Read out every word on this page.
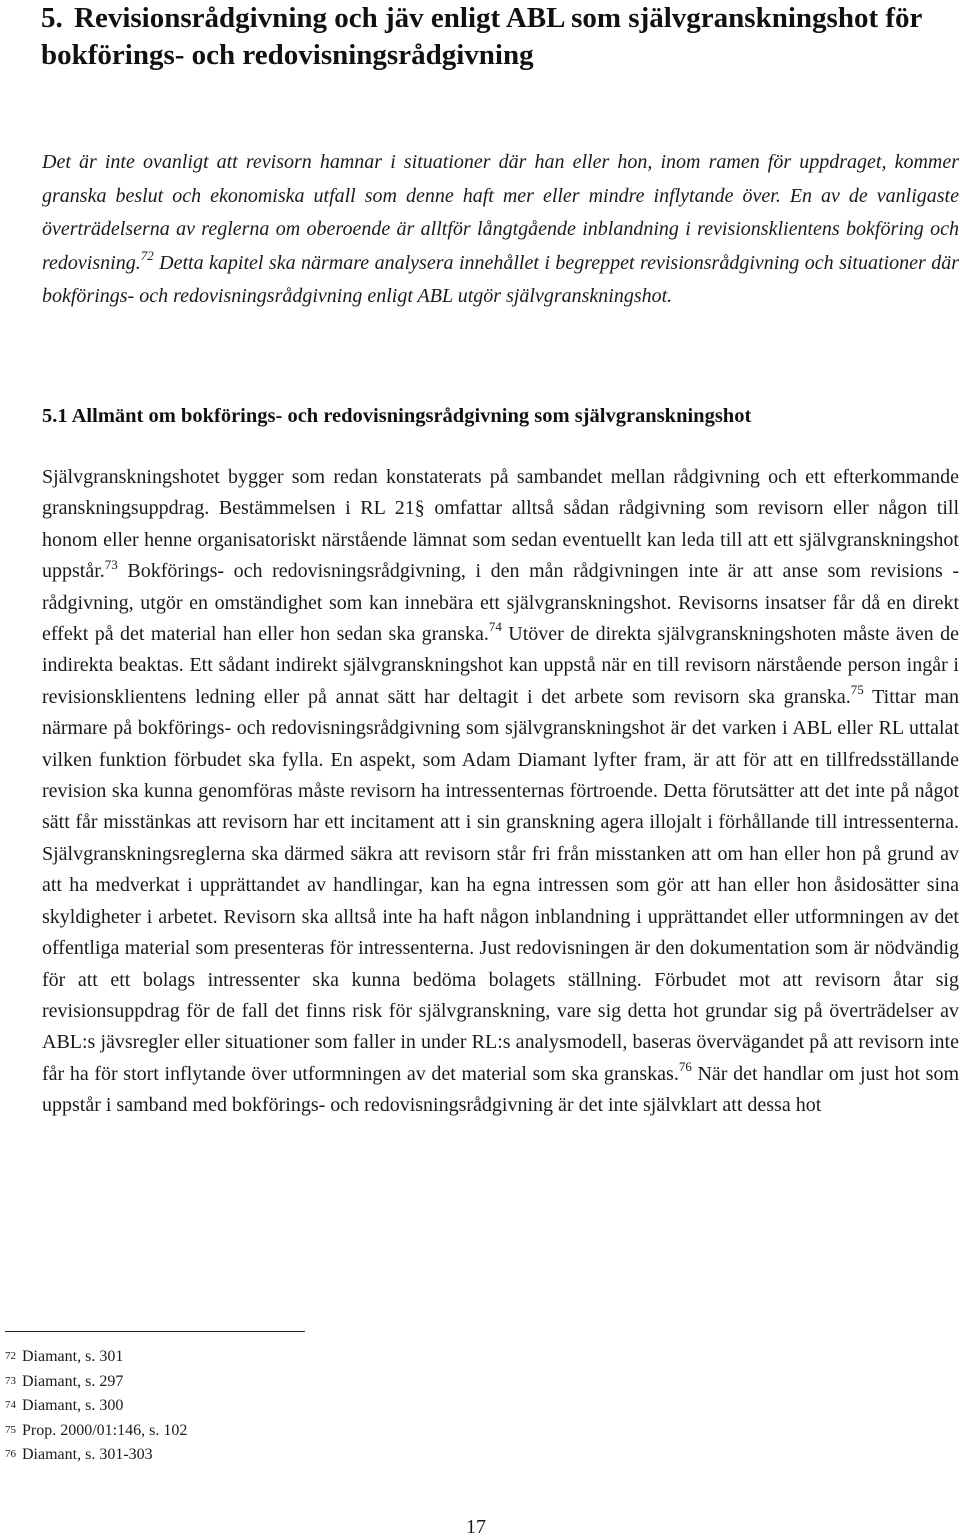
5. Revisionsrådgivning och jäv enligt ABL som självgranskningshot för bokförings- och redovisningsrådgivning
Det är inte ovanligt att revisorn hamnar i situationer där han eller hon, inom ramen för uppdraget, kommer granska beslut och ekonomiska utfall som denne haft mer eller mindre inflytande över. En av de vanligaste överträdelserna av reglerna om oberoende är alltför långtgående inblandning i revisionsklientens bokföring och redovisning.$^{72}$ Detta kapitel ska närmare analysera innehållet i begreppet revisionsrådgivning och situationer där bokförings- och redovisningsrådgivning enligt ABL utgör självgranskningshot.
5.1 Allmänt om bokförings- och redovisningsrådgivning som självgranskningshot
Självgranskningshotet bygger som redan konstaterats på sambandet mellan rådgivning och ett efterkommande granskningsuppdrag. Bestämmelsen i RL 21§ omfattar alltså sådan rådgivning som revisorn eller någon till honom eller henne organisatoriskt närstående lämnat som sedan eventuellt kan leda till att ett självgranskningshot uppstår.$^{73}$ Bokförings- och redovisningsrådgivning, i den mån rådgivningen inte är att anse som revisions - rådgivning, utgör en omständighet som kan innebära ett självgranskningshot. Revisorns insatser får då en direkt effekt på det material han eller hon sedan ska granska.$^{74}$ Utöver de direkta självgranskningshoten måste även de indirekta beaktas. Ett sådant indirekt självgranskningshot kan uppstå när en till revisorn närstående person ingår i revisionsklientens ledning eller på annat sätt har deltagit i det arbete som revisorn ska granska.$^{75}$ Tittar man närmare på bokförings- och redovisningsrådgivning som självgranskningshot är det varken i ABL eller RL uttalat vilken funktion förbudet ska fylla. En aspekt, som Adam Diamant lyfter fram, är att för att en tillfredsställande revision ska kunna genomföras måste revisorn ha intressenternas förtroende. Detta förutsätter att det inte på något sätt får misstänkas att revisorn har ett incitament att i sin granskning agera illojalt i förhållande till intressenterna. Självgranskningsreglerna ska därmed säkra att revisorn står fri från misstanken att om han eller hon på grund av att ha medverkat i upprättandet av handlingar, kan ha egna intressen som gör att han eller hon åsidosätter sina skyldigheter i arbetet. Revisorn ska alltså inte ha haft någon inblandning i upprättandet eller utformningen av det offentliga material som presenteras för intressenterna. Just redovisningen är den dokumentation som är nödvändig för att ett bolags intressenter ska kunna bedöma bolagets ställning. Förbudet mot att revisorn åtar sig revisionsuppdrag för de fall det finns risk för självgranskning, vare sig detta hot grundar sig på överträdelser av ABL:s jävsregler eller situationer som faller in under RL:s analysmodell, baseras övervägandet på att revisorn inte får ha för stort inflytande över utformningen av det material som ska granskas.$^{76}$ När det handlar om just hot som uppstår i samband med bokförings- och redovisningsrådgivning är det inte självklart att dessa hot
$^{72}$ Diamant, s. 301
$^{73}$ Diamant, s. 297
$^{74}$ Diamant, s. 300
$^{75}$ Prop. 2000/01:146, s. 102
$^{76}$ Diamant, s. 301-303
17
